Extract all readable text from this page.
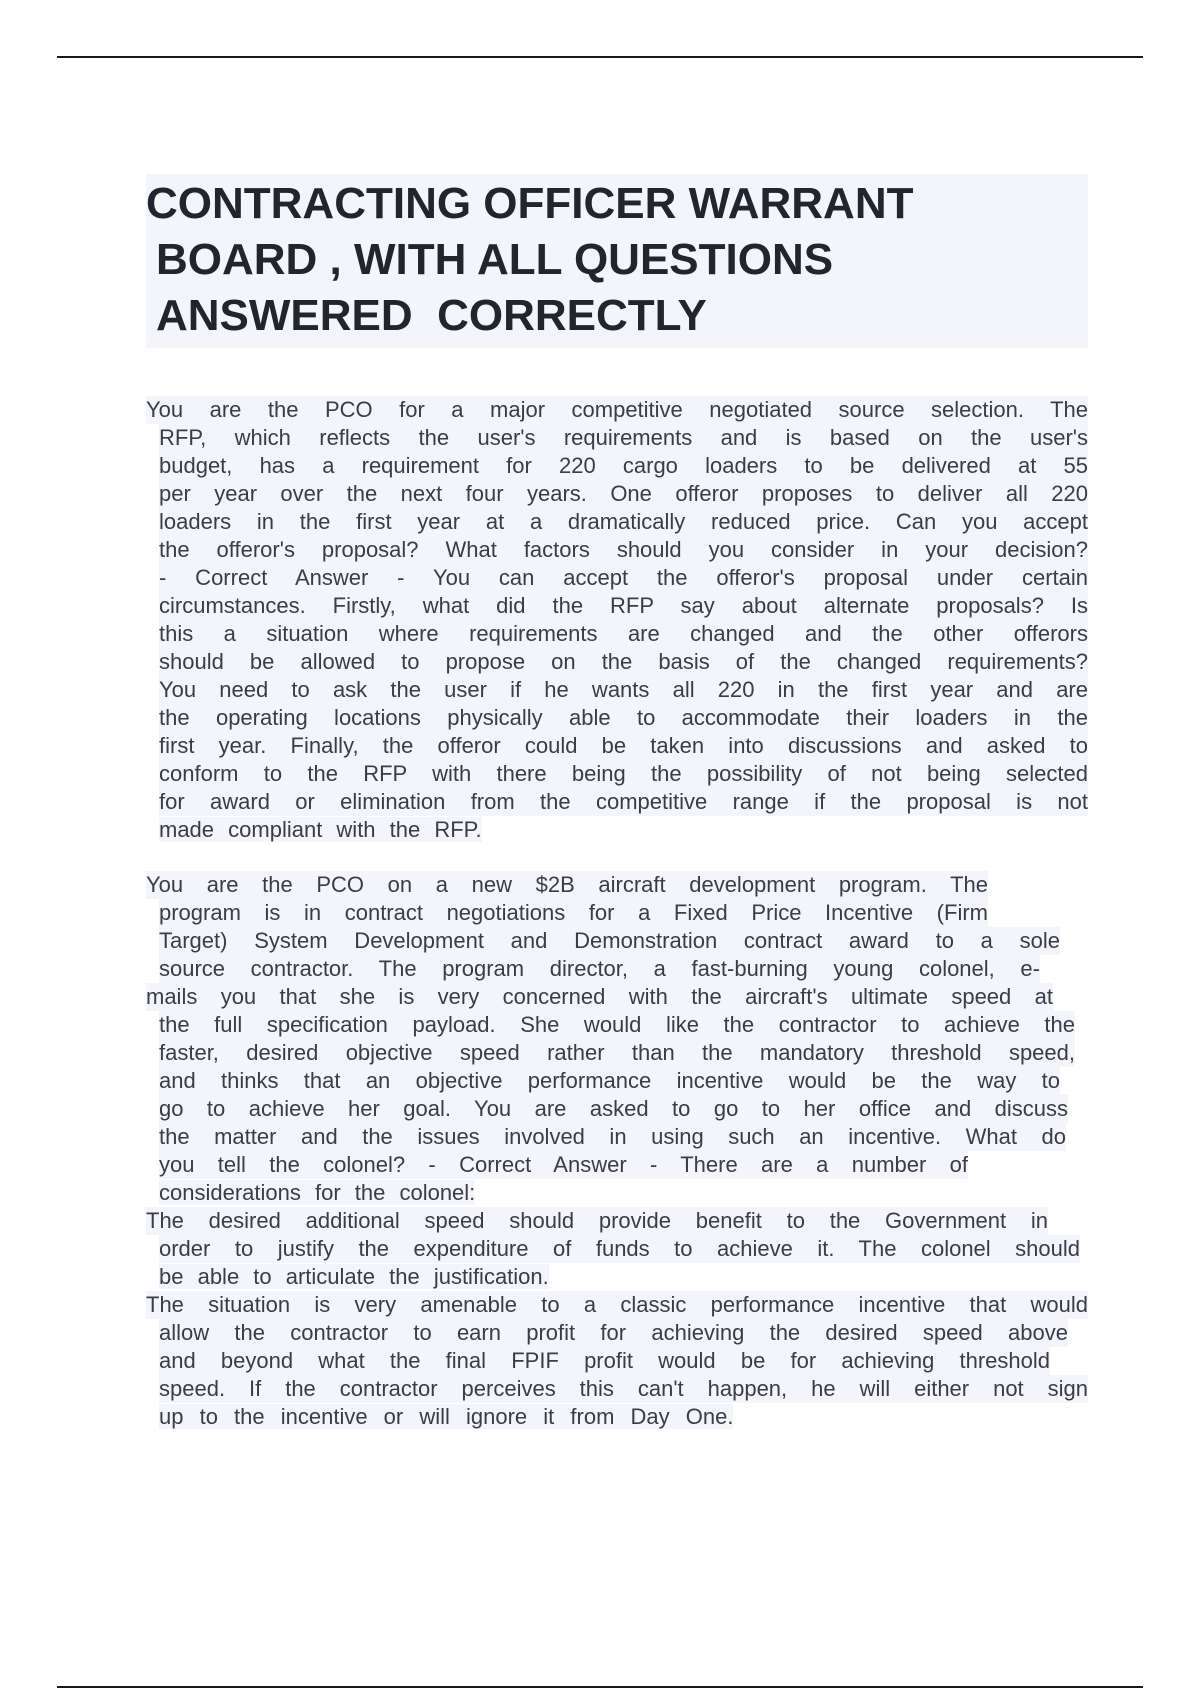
CONTRACTING OFFICER WARRANT
BOARD , WITH ALL QUESTIONS
ANSWERED  CORRECTLY
You are the PCO for a major competitive negotiated source selection. The
RFP, which reflects the user's requirements and is based on the user's
budget, has a requirement for 220 cargo loaders to be delivered at 55
per year over the next four years. One offeror proposes to deliver all 220
loaders in the first year at a dramatically reduced price. Can you accept
the offeror's proposal? What factors should you consider in your decision?
- Correct Answer - You can accept the offeror's proposal under certain
circumstances. Firstly, what did the RFP say about alternate proposals? Is
this a situation where requirements are changed and the other offerors
should be allowed to propose on the basis of the changed requirements?
You need to ask the user if he wants all 220 in the first year and are
the operating locations physically able to accommodate their loaders in the
first year. Finally, the offeror could be taken into discussions and asked to
conform to the RFP with there being the possibility of not being selected
for award or elimination from the competitive range if the proposal is not
made compliant with the RFP.
You are the PCO on a new $2B aircraft development program. The
program is in contract negotiations for a Fixed Price Incentive (Firm
Target) System Development and Demonstration contract award to a sole
source contractor. The program director, a fast-burning young colonel, e-
mails you that she is very concerned with the aircraft's ultimate speed at
the full specification payload. She would like the contractor to achieve the
faster, desired objective speed rather than the mandatory threshold speed,
and thinks that an objective performance incentive would be the way to
go to achieve her goal. You are asked to go to her office and discuss
the matter and the issues involved in using such an incentive. What do
you tell the colonel? - Correct Answer - There are a number of
considerations for the colonel:
The desired additional speed should provide benefit to the Government in
order to justify the expenditure of funds to achieve it. The colonel should
be able to articulate the justification.
The situation is very amenable to a classic performance incentive that would
allow the contractor to earn profit for achieving the desired speed above
and beyond what the final FPIF profit would be for achieving threshold
speed. If the contractor perceives this can't happen, he will either not sign
up to the incentive or will ignore it from Day One.
